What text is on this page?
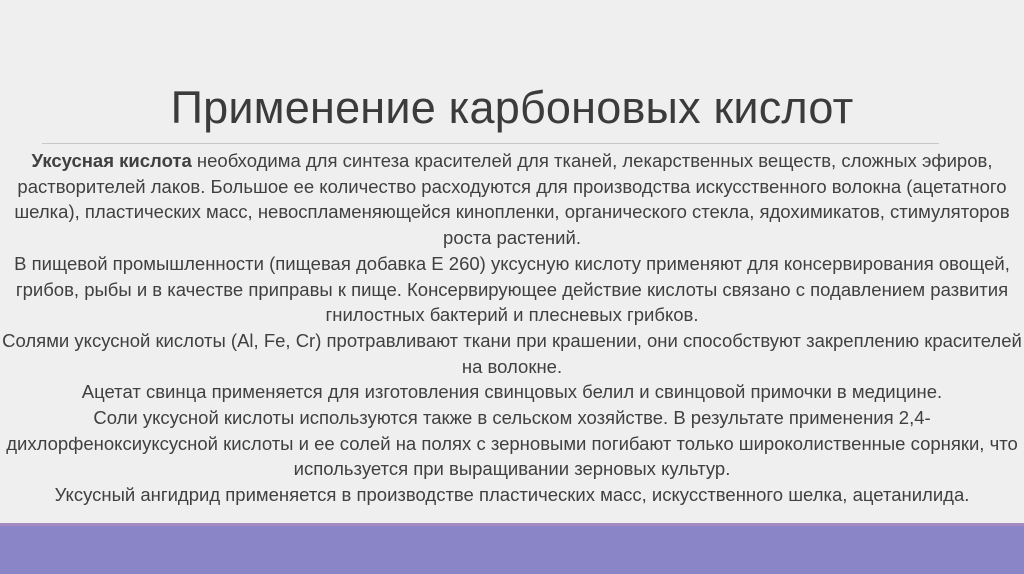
Применение карбоновых кислот

Уксусная кислота необходима для синтеза красителей для тканей, лекарственных веществ, сложных эфиров, растворителей лаков. Большое ее количество расходуются для производства искусственного волокна (ацетатного шелка), пластических масс, невоспламеняющейся кинопленки, органического стекла, ядохимикатов, стимуляторов роста растений.

В пищевой промышленности (пищевая добавка Е 260) уксусную кислоту применяют для консервирования овощей, грибов, рыбы и в качестве приправы к пище. Консервирующее действие кислоты связано с подавлением развития гнилостных бактерий и плесневых грибков.

Солями уксусной кислоты (Al, Fe, Cr) протравливают ткани при крашении, они способствуют закреплению красителей на волокне.

Ацетат свинца применяется для изготовления свинцовых белил и свинцовой примочки в медицине.

Соли уксусной кислоты используются также в сельском хозяйстве. В результате применения 2,4-дихлорфеноксиуксусной кислоты и ее солей на полях с зерновыми погибают только широколиственные сорняки, что используется при выращивании зерновых культур.

Уксусный ангидрид применяется в производстве пластических масс, искусственного шелка, ацетанилида.
